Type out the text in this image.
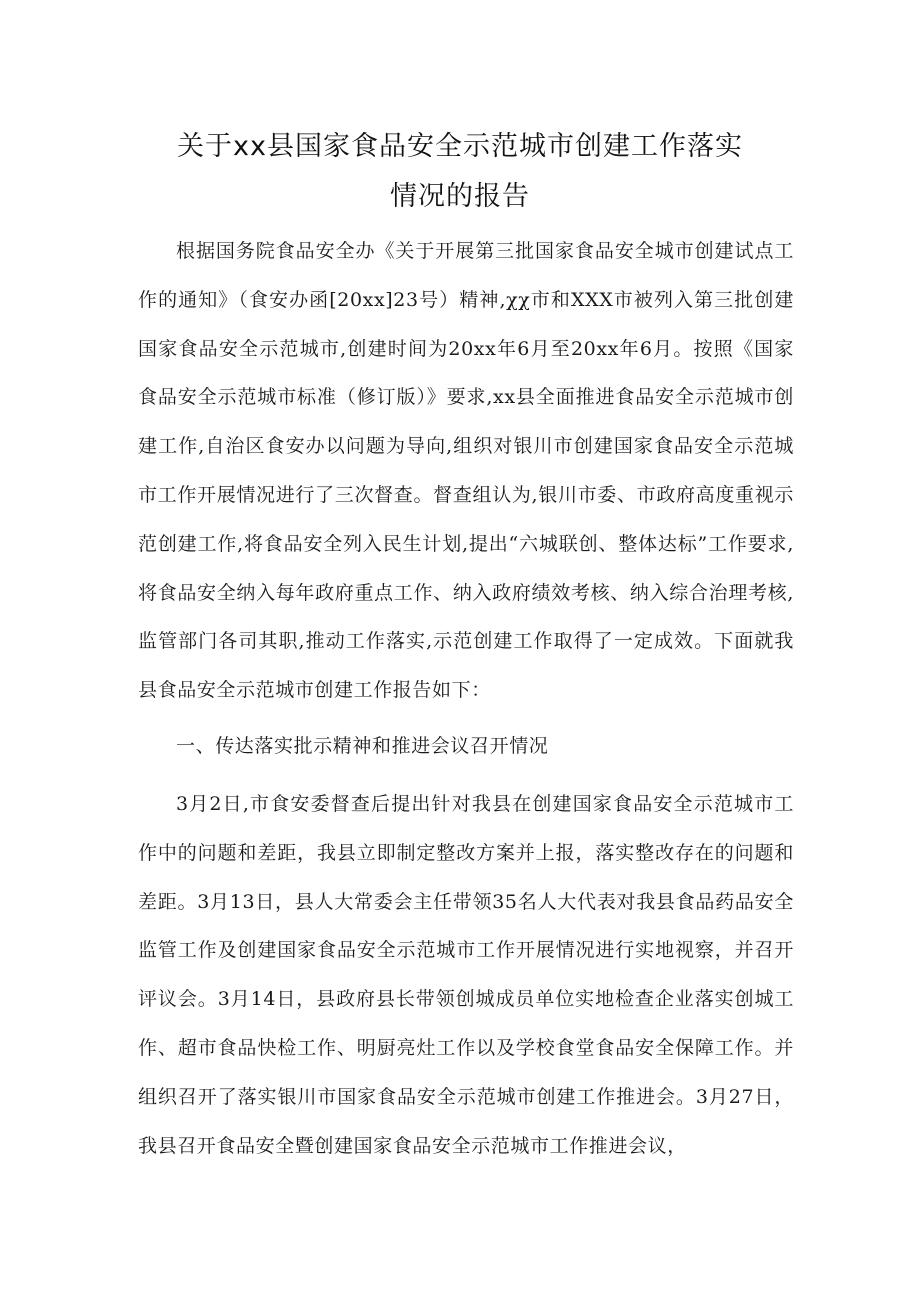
关于xx县国家食品安全示范城市创建工作落实
情况的报告

根据国务院食品安全办《关于开展第三批国家食品安全城市创建试点工作的通知》（食安办函[20xx]23号）精神,χχ市和XXX市被列入第三批创建国家食品安全示范城市,创建时间为20xx年6月至20xx年6月。按照《国家食品安全示范城市标准（修订版）》要求,xx县全面推进食品安全示范城市创建工作,自治区食安办以问题为导向,组织对银川市创建国家食品安全示范城市工作开展情况进行了三次督查。督查组认为,银川市委、市政府高度重视示范创建工作,将食品安全列入民生计划,提出“六城联创、整体达标”工作要求,将食品安全纳入每年政府重点工作、纳入政府绩效考核、纳入综合治理考核,监管部门各司其职,推动工作落实,示范创建工作取得了一定成效。下面就我县食品安全示范城市创建工作报告如下：

一、传达落实批示精神和推进会议召开情况

3月2日,市食安委督查后提出针对我县在创建国家食品安全示范城市工作中的问题和差距，我县立即制定整改方案并上报，落实整改存在的问题和差距。3月13日，县人大常委会主任带领35名人大代表对我县食品药品安全监管工作及创建国家食品安全示范城市工作开展情况进行实地视察，并召开评议会。3月14日，县政府县长带领创城成员单位实地检查企业落实创城工作、超市食品快检工作、明厨亮灶工作以及学校食堂食品安全保障工作。并组织召开了落实银川市国家食品安全示范城市创建工作推进会。3月27日，我县召开食品安全暨创建国家食品安全示范城市工作推进会议，
